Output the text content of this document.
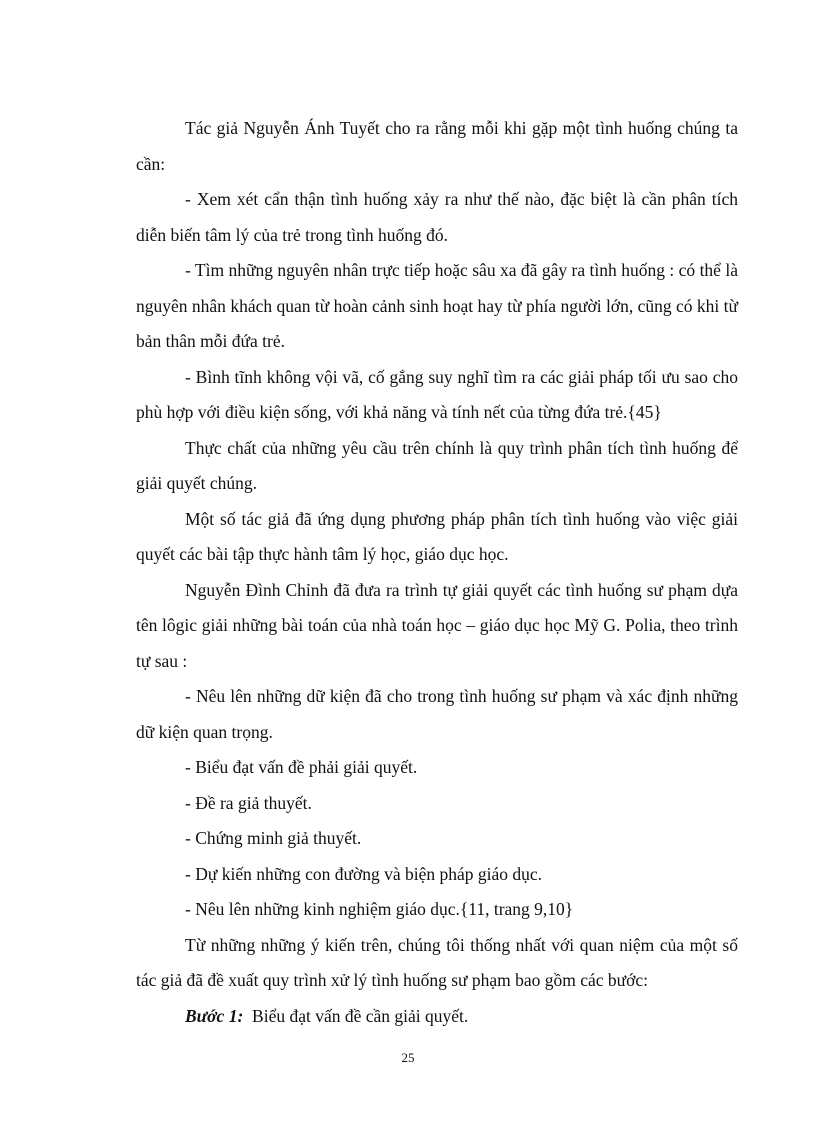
Tác giả Nguyễn Ánh Tuyết cho ra rằng mỗi khi gặp một tình huống chúng ta cần:

- Xem xét cẩn thận tình huống xảy ra như thế nào, đặc biệt là cần phân tích diễn biến tâm lý của trẻ trong tình huống đó.

- Tìm những nguyên nhân trực tiếp hoặc sâu xa đã gây ra tình huống : có thể là nguyên nhân khách quan từ hoàn cảnh sinh hoạt hay từ phía người lớn, cũng có khi từ bản thân mỗi đứa trẻ.

- Bình tĩnh không vội vã, cố gắng suy nghĩ tìm ra các giải pháp tối ưu sao cho phù hợp với điều kiện sống, với khả năng và tính nết của từng đứa trẻ.{45}

Thực chất của những yêu cầu trên chính là quy trình phân tích tình huống để giải quyết chúng.

Một số tác giả đã ứng dụng phương pháp phân tích tình huống vào việc giải quyết các bài tập thực hành tâm lý học, giáo dục học.

Nguyễn Đình Chỉnh đã đưa ra trình tự giải quyết các tình huống sư phạm dựa tên lôgic giải những bài toán của nhà toán học – giáo dục học Mỹ G. Polia, theo trình tự sau :

- Nêu lên những dữ kiện đã cho trong tình huống sư phạm và xác định những dữ kiện quan trọng.

- Biểu đạt vấn đề phải giải quyết.

- Đề ra giả thuyết.

- Chứng minh giả thuyết.

- Dự kiến những con đường và biện pháp giáo dục.

- Nêu lên những kinh nghiệm giáo dục.{11, trang 9,10}

Từ những những ý kiến trên, chúng tôi thống nhất với quan niệm của một số tác giả đã đề xuất quy trình xử lý tình huống sư phạm bao gồm các bước:

Bước 1: Biểu đạt vấn đề cần giải quyết.

25
